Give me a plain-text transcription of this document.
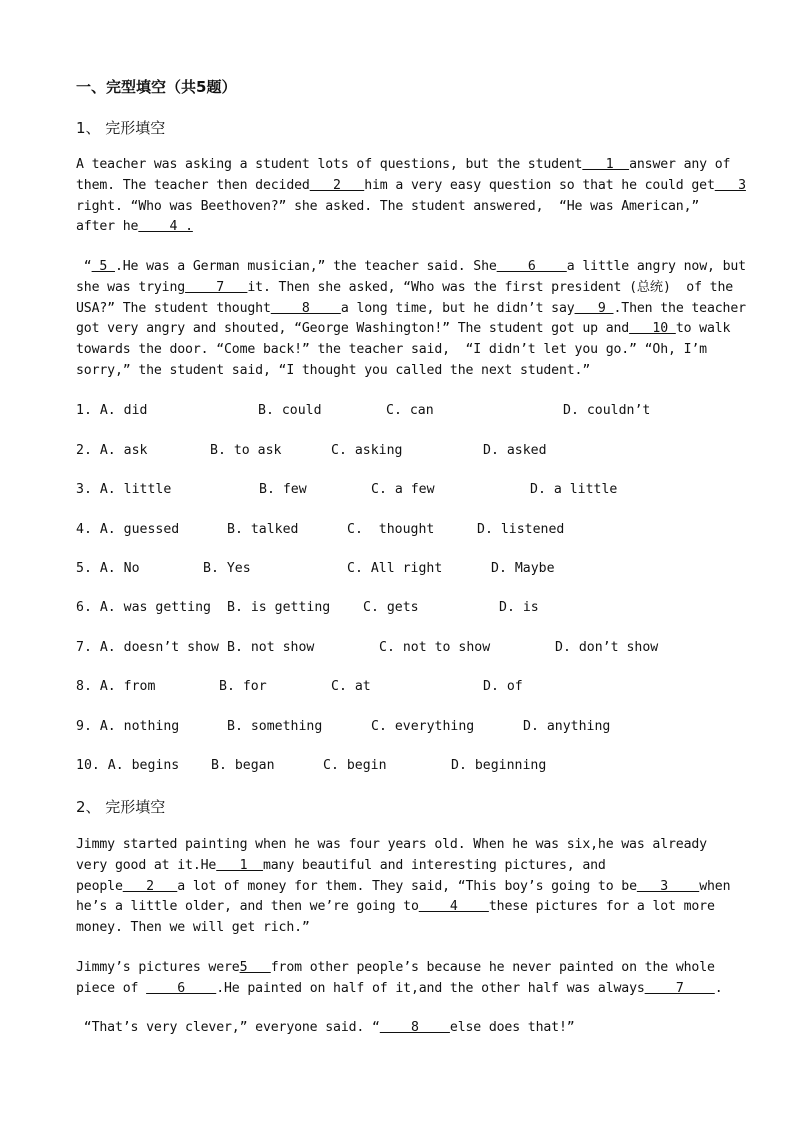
一、完型填空（共5题）
1、 完形填空
A teacher was asking a student lots of questions, but the student   1  answer any of
them. The teacher then decided   2   him a very easy question so that he could get   3
right. “Who was Beethoven?” she asked. The student answered,  “He was American,”
after he    4 .
“ 5 .He was a German musician,” the teacher said. She    6    a little angry now, but
she was trying    7   it. Then she asked, “Who was the first president (总统)  of the
USA?” The student thought    8    a long time, but he didn’t say   9 .Then the teacher
got very angry and shouted, “George Washington!” The student got up and   10 to walk
towards the door. “Come back!” the teacher said,  “I didn’t let you go.” “Oh, I’m
sorry,” the student said, “I thought you called the next student.”

1. A. did

	B. could

	C. can

	D. couldn’t

2. A. ask

	B. to ask

	C. asking

	D. asked

3. A. little

	B. few

	C. a few

	D. a little

4. A. guessed

	B. talked

	C.  thought

	D. listened

5. A. No

	B. Yes

	C. All right

	D. Maybe

6. A. was getting

B. is getting

C. gets

	D. is

7. A. doesn’t show

B. not show

	C. not to show

	D. don’t show

8. A. from

	B. for

	C. at

	D. of

9. A. nothing

	B. something

	C. everything

	D. anything

10. A. begins

B. began

	C. begin

	D. beginning

2、 完形填空
Jimmy started painting when he was four years old. When he was six,he was already
very good at it.He   1  many beautiful and interesting pictures, and
people   2   a lot of money for them. They said, “This boy’s going to be   3    when
he’s a little older, and then we’re going to    4    these pictures for a lot more
money. Then we will get rich.”
Jimmy’s pictures were5   from other people’s because he never painted on the whole
piece of     6    .He painted on half of it,and the other half was always    7    .
“That’s very clever,” everyone said. “    8    else does that!”
